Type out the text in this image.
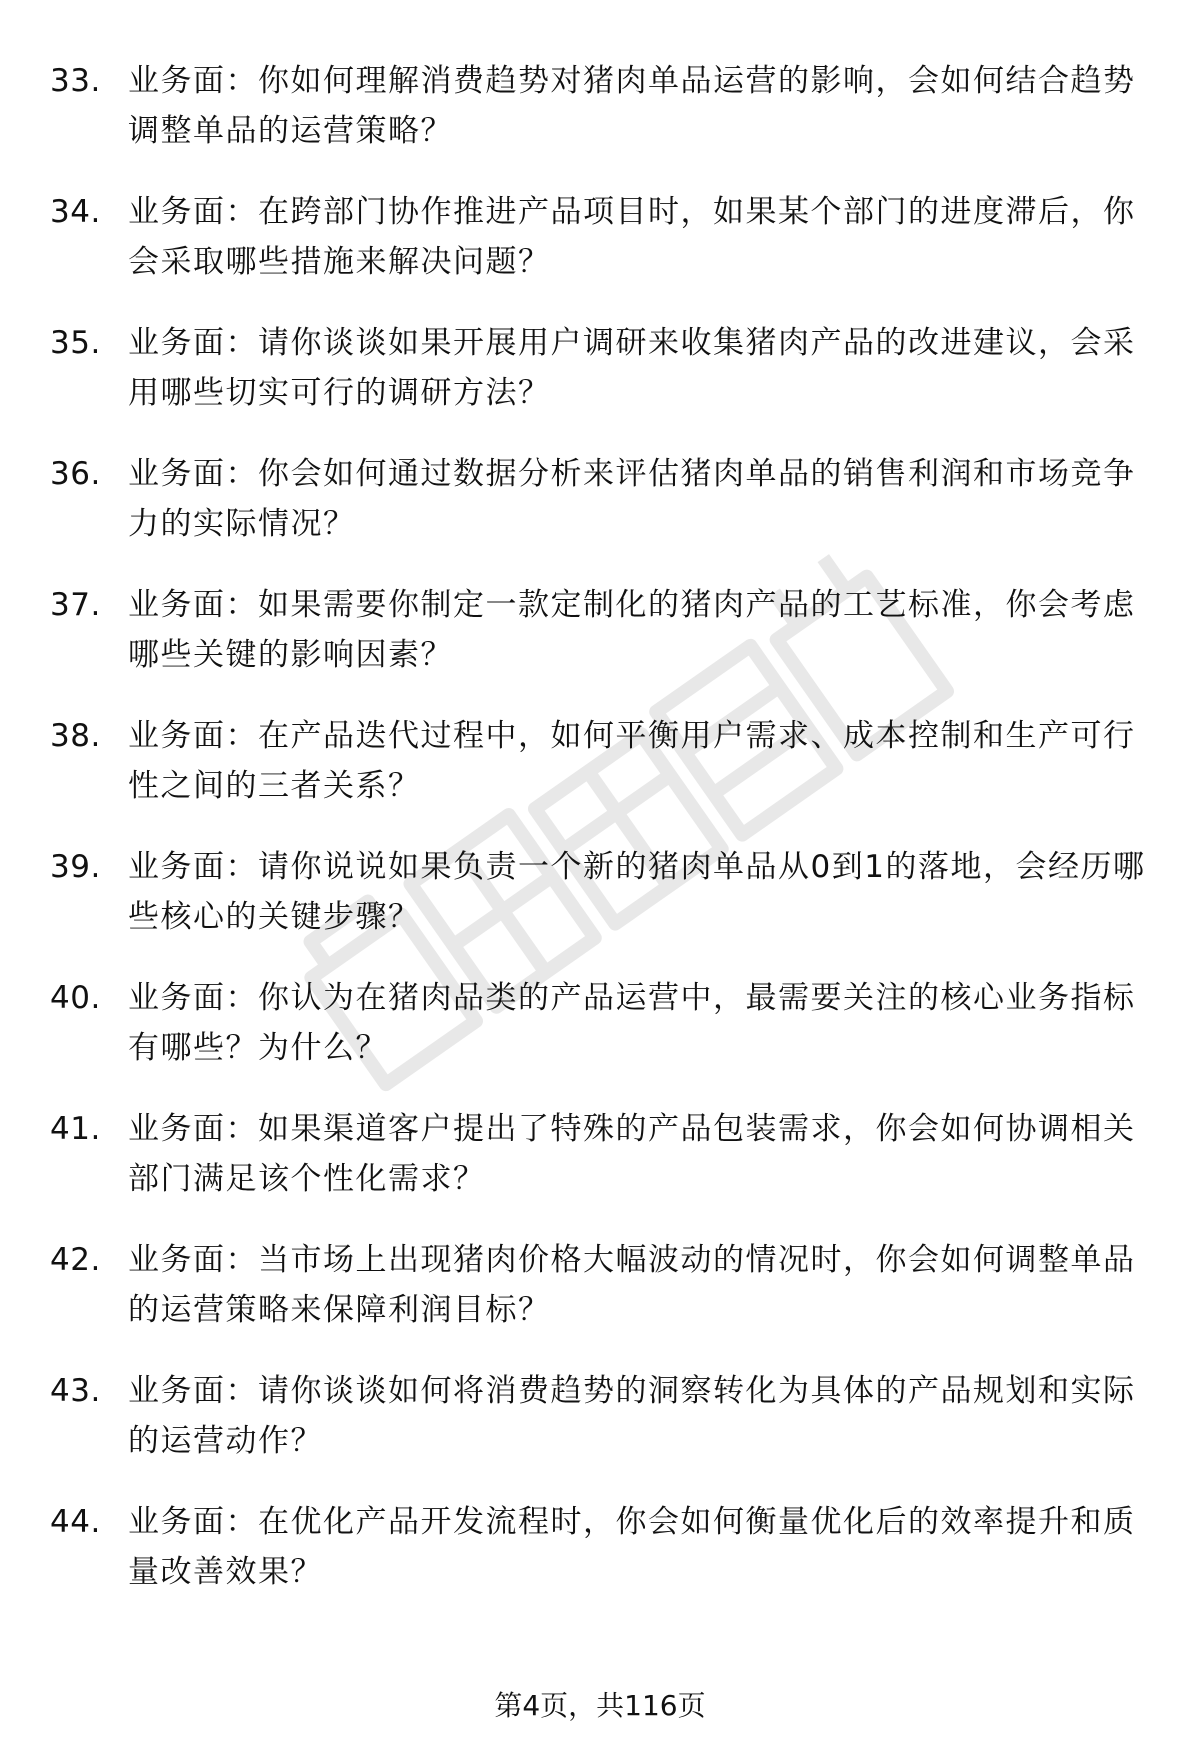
33. 业务面：你如何理解消费趋势对猪肉单品运营的影响，会如何结合趋势调整单品的运营策略？
34. 业务面：在跨部门协作推进产品项目时，如果某个部门的进度滞后，你会采取哪些措施来解决问题？
35. 业务面：请你谈谈如果开展用户调研来收集猪肉产品的改进建议，会采用哪些切实可行的调研方法？
36. 业务面：你会如何通过数据分析来评估猪肉单品的销售利润和市场竞争力的实际情况？
37. 业务面：如果需要你制定一款定制化的猪肉产品的工艺标准，你会考虑哪些关键的影响因素？
38. 业务面：在产品迭代过程中，如何平衡用户需求、成本控制和生产可行性之间的三者关系？
39. 业务面：请你说说如果负责一个新的猪肉单品从0到1的落地，会经历哪些核心的关键步骤？
40. 业务面：你认为在猪肉品类的产品运营中，最需要关注的核心业务指标有哪些？为什么？
41. 业务面：如果渠道客户提出了特殊的产品包装需求，你会如何协调相关部门满足该个性化需求？
42. 业务面：当市场上出现猪肉价格大幅波动的情况时，你会如何调整单品的运营策略来保障利润目标？
43. 业务面：请你谈谈如何将消费趋势的洞察转化为具体的产品规划和实际的运营动作？
44. 业务面：在优化产品开发流程时，你会如何衡量优化后的效率提升和质量改善效果？
第4页，共116页
